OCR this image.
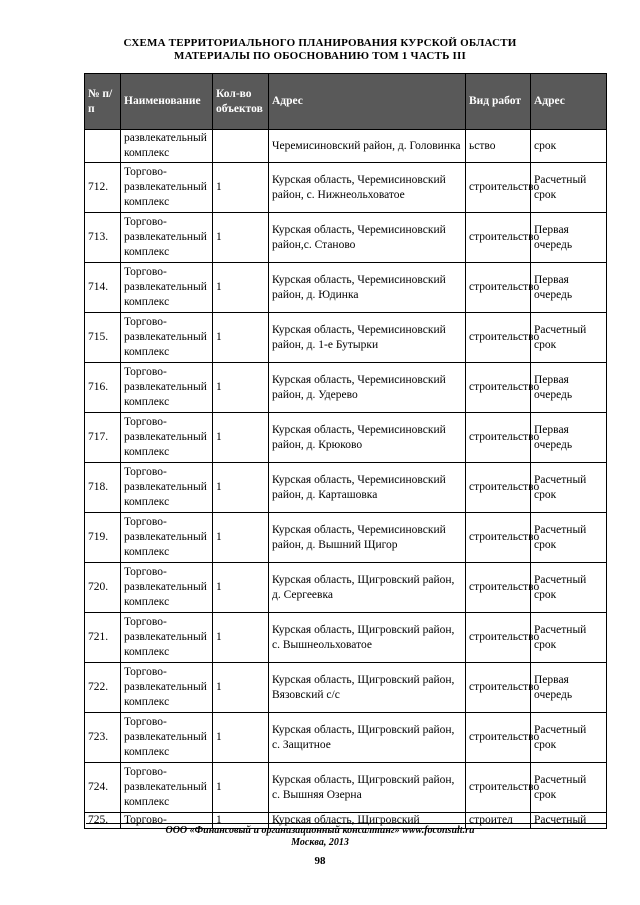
СХЕМА ТЕРРИТОРИАЛЬНОГО ПЛАНИРОВАНИЯ КУРСКОЙ ОБЛАСТИ
МАТЕРИАЛЫ ПО ОБОСНОВАНИЮ ТОМ 1 ЧАСТЬ III
№ п/п	Наименование	Кол-во объектов	Адрес	Вид работ	Адрес
	развлекательный комплекс		Черемисиновский район, д. Головинка	ьство	срок
712.	Торгово-развлекательный комплекс	1	Курская область, Черемисиновский район, с. Нижнеольховатое	строительство	Расчетный срок
713.	Торгово-развлекательный комплекс	1	Курская область, Черемисиновский район,с. Станово	строительство	Первая очередь
714.	Торгово-развлекательный комплекс	1	Курская область, Черемисиновский район, д. Юдинка	строительство	Первая очередь
715.	Торгово-развлекательный комплекс	1	Курская область, Черемисиновский район, д. 1-е Бутырки	строительство	Расчетный срок
716.	Торгово-развлекательный комплекс	1	Курская область, Черемисиновский район, д. Удерево	строительство	Первая очередь
717.	Торгово-развлекательный комплекс	1	Курская область, Черемисиновский район, д. Крюково	строительство	Первая очередь
718.	Торгово-развлекательный комплекс	1	Курская область, Черемисиновский район, д. Карташовка	строительство	Расчетный срок
719.	Торгово-развлекательный комплекс	1	Курская область, Черемисиновский район, д. Вышний Щигор	строительство	Расчетный срок
720.	Торгово-развлекательный комплекс	1	Курская область, Щигровский район, д. Сергеевка	строительство	Расчетный срок
721.	Торгово-развлекательный комплекс	1	Курская область, Щигровский район, с. Вышнеольховатое	строительство	Расчетный срок
722.	Торгово-развлекательный комплекс	1	Курская область, Щигровский район, Вязовский с/с	строительство	Первая очередь
723.	Торгово-развлекательный комплекс	1	Курская область, Щигровский район, с. Защитное	строительство	Расчетный срок
724.	Торгово-развлекательный комплекс	1	Курская область, Щигровский район, с. Вышняя Озерна	строительство	Расчетный срок
725.	Торгово-	1	Курская область, Щигровский	строител	Расчетный
ООО «Финансовый и организационный консалтинг» www.foconsult.ru
Москва, 2013
98
